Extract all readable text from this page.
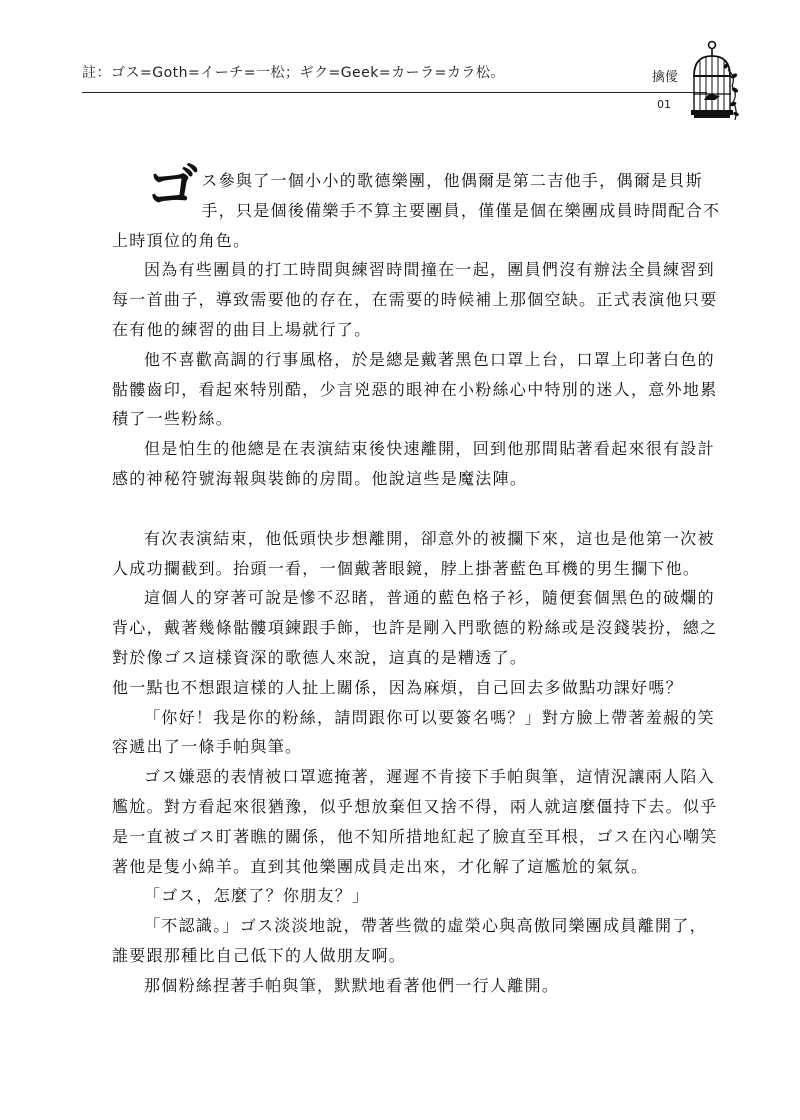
註：ゴス=Goth=イーチ=一松；ギク=Geek=カーラ=カラ松。	擒僾
01

ゴス參與了一個小小的歌德樂團，他偶爾是第二吉他手，偶爾是貝斯手，只是個後備樂手不算主要團員，僅僅是個在樂團成員時間配合不上時頂位的角色。

因為有些團員的打工時間與練習時間撞在一起，團員們沒有辦法全員練習到每一首曲子，導致需要他的存在，在需要的時候補上那個空缺。正式表演他只要在有他的練習的曲目上場就行了。

他不喜歡高調的行事風格，於是總是戴著黑色口罩上台，口罩上印著白色的骷髏齒印，看起來特別酷，少言兇惡的眼神在小粉絲心中特別的迷人，意外地累積了一些粉絲。

但是怕生的他總是在表演結束後快速離開，回到他那間貼著看起來很有設計感的神秘符號海報與裝飾的房間。他說這些是魔法陣。

有次表演結束，他低頭快步想離開，卻意外的被攔下來，這也是他第一次被人成功攔截到。抬頭一看，一個戴著眼鏡，脖上掛著藍色耳機的男生攔下他。

這個人的穿著可說是慘不忍睹，普通的藍色格子衫，隨便套個黑色的破爛的背心，戴著幾條骷髏項鍊跟手飾，也許是剛入門歌德的粉絲或是沒錢裝扮，總之對於像ゴス這樣資深的歌德人來說，這真的是糟透了。

他一點也不想跟這樣的人扯上關係，因為麻煩，自己回去多做點功課好嗎？

「你好！我是你的粉絲，請問跟你可以要簽名嗎？」對方臉上帶著羞赧的笑容遞出了一條手帕與筆。

ゴス嫌惡的表情被口罩遮掩著，遲遲不肯接下手帕與筆，這情況讓兩人陷入尷尬。對方看起來很猶豫，似乎想放棄但又捨不得，兩人就這麼僵持下去。似乎是一直被ゴス盯著瞧的關係，他不知所措地紅起了臉直至耳根，ゴス在內心嘲笑著他是隻小綿羊。直到其他樂團成員走出來，才化解了這尷尬的氣氛。

「ゴス，怎麼了？你朋友？」

「不認識。」ゴス淡淡地說，帶著些微的虛榮心與高傲同樂團成員離開了，誰要跟那種比自己低下的人做朋友啊。

那個粉絲捏著手帕與筆，默默地看著他們一行人離開。
